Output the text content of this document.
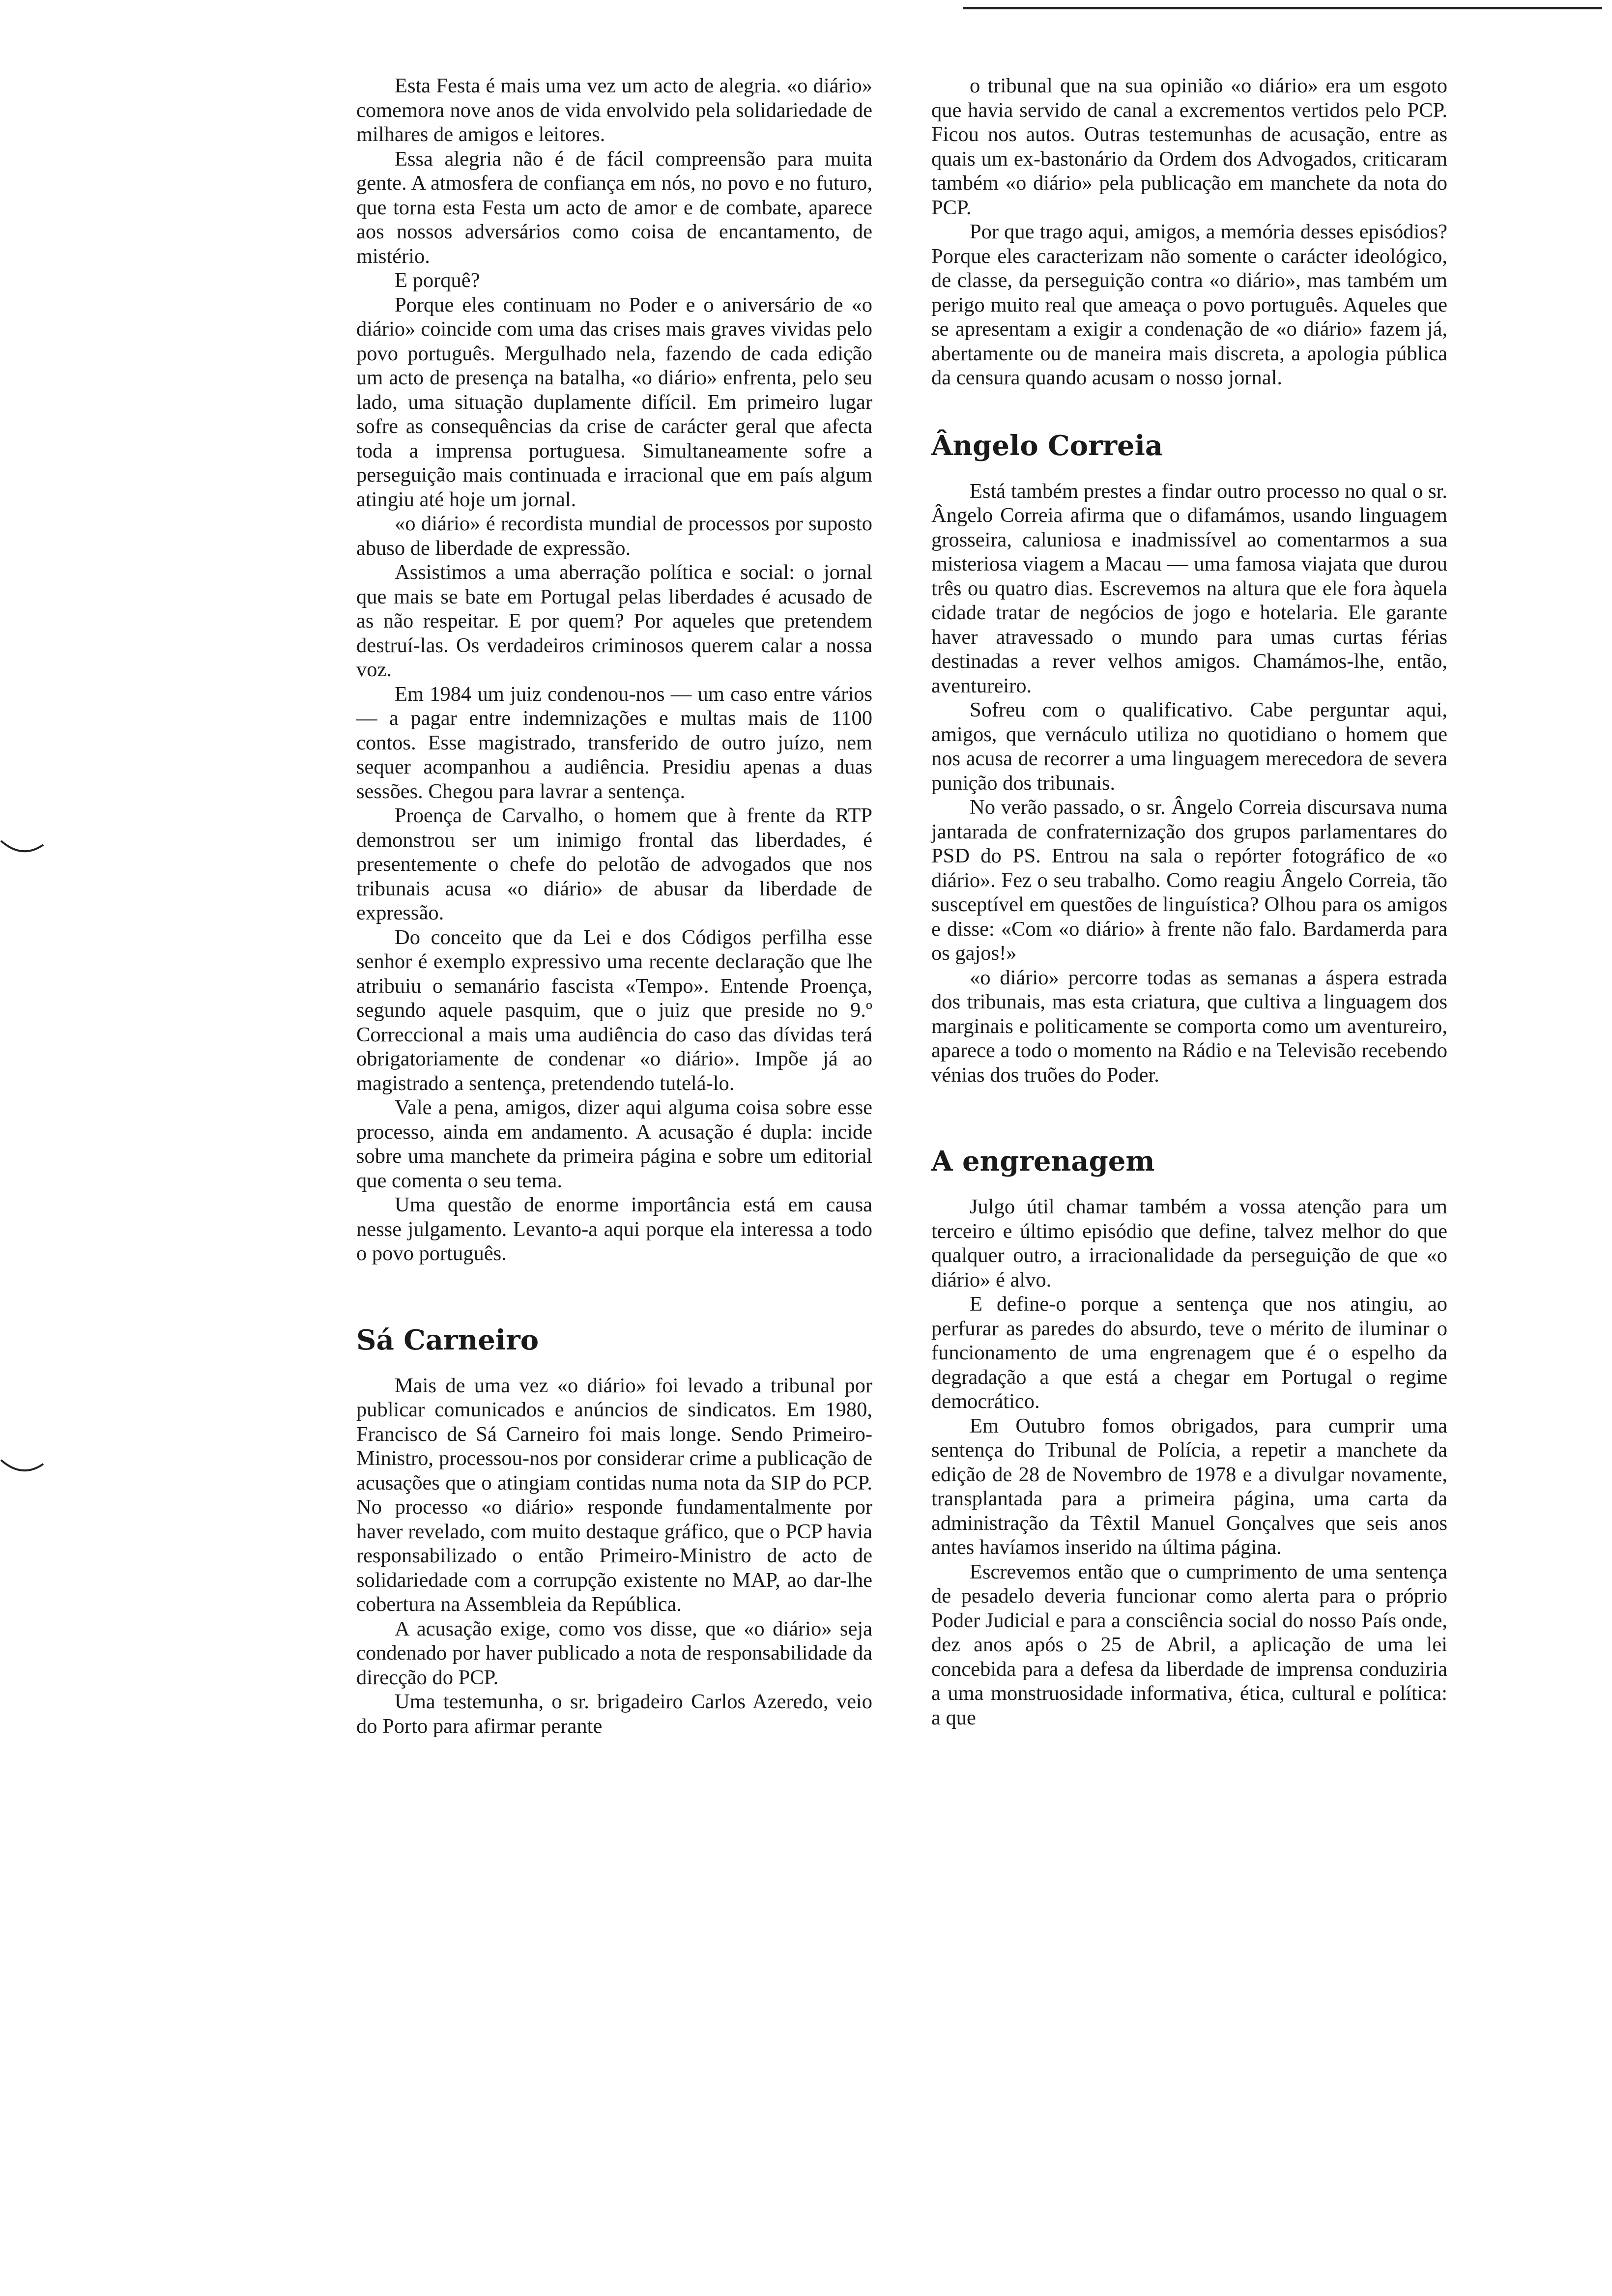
Esta Festa é mais uma vez um acto de alegria. «o diário» comemora nove anos de vida envolvido pela solidariedade de milhares de amigos e leitores.

Essa alegria não é de fácil compreensão para muita gente. A atmosfera de confiança em nós, no povo e no futuro, que torna esta Festa um acto de amor e de combate, aparece aos nossos adversários como coisa de encantamento, de mistério.

E porquê?

Porque eles continuam no Poder e o aniversário de «o diário» coincide com uma das crises mais graves vividas pelo povo português. Mergulhado nela, fazendo de cada edição um acto de presença na batalha, «o diário» enfrenta, pelo seu lado, uma situação duplamente difícil. Em primeiro lugar sofre as consequências da crise de carácter geral que afecta toda a imprensa portuguesa. Simultaneamente sofre a perseguição mais continuada e irracional que em país algum atingiu até hoje um jornal.

«o diário» é recordista mundial de processos por suposto abuso de liberdade de expressão.

Assistimos a uma aberração política e social: o jornal que mais se bate em Portugal pelas liberdades é acusado de as não respeitar. E por quem? Por aqueles que pretendem destruí-las. Os verdadeiros criminosos querem calar a nossa voz.

Em 1984 um juiz condenou-nos — um caso entre vários — a pagar entre indemnizações e multas mais de 1100 contos. Esse magistrado, transferido de outro juízo, nem sequer acompanhou a audiência. Presidiu apenas a duas sessões. Chegou para lavrar a sentença.

Proença de Carvalho, o homem que à frente da RTP demonstrou ser um inimigo frontal das liberdades, é presentemente o chefe do pelotão de advogados que nos tribunais acusa «o diário» de abusar da liberdade de expressão.

Do conceito que da Lei e dos Códigos perfilha esse senhor é exemplo expressivo uma recente declaração que lhe atribuiu o semanário fascista «Tempo». Entende Proença, segundo aquele pasquim, que o juiz que preside no 9.º Correccional a mais uma audiência do caso das dívidas terá obrigatoriamente de condenar «o diário». Impõe já ao magistrado a sentença, pretendendo tutelá-lo.

Vale a pena, amigos, dizer aqui alguma coisa sobre esse processo, ainda em andamento. A acusação é dupla: incide sobre uma manchete da primeira página e sobre um editorial que comenta o seu tema.

Uma questão de enorme importância está em causa nesse julgamento. Levanto-a aqui porque ela interessa a todo o povo português.

Sá Carneiro

Mais de uma vez «o diário» foi levado a tribunal por publicar comunicados e anúncios de sindicatos. Em 1980, Francisco de Sá Carneiro foi mais longe. Sendo Primeiro-Ministro, processou-nos por considerar crime a publicação de acusações que o atingiam contidas numa nota da SIP do PCP. No processo «o diário» responde fundamentalmente por haver revelado, com muito destaque gráfico, que o PCP havia responsabilizado o então Primeiro-Ministro de acto de solidariedade com a corrupção existente no MAP, ao dar-lhe cobertura na Assembleia da República.

A acusação exige, como vos disse, que «o diário» seja condenado por haver publicado a nota de responsabilidade da direcção do PCP.

Uma testemunha, o sr. brigadeiro Carlos Azeredo, veio do Porto para afirmar perante

o tribunal que na sua opinião «o diário» era um esgoto que havia servido de canal a excrementos vertidos pelo PCP. Ficou nos autos. Outras testemunhas de acusação, entre as quais um ex-bastonário da Ordem dos Advogados, criticaram também «o diário» pela publicação em manchete da nota do PCP.

Por que trago aqui, amigos, a memória desses episódios? Porque eles caracterizam não somente o carácter ideológico, de classe, da perseguição contra «o diário», mas também um perigo muito real que ameaça o povo português. Aqueles que se apresentam a exigir a condenação de «o diário» fazem já, abertamente ou de maneira mais discreta, a apologia pública da censura quando acusam o nosso jornal.

Ângelo Correia

Está também prestes a findar outro processo no qual o sr. Ângelo Correia afirma que o difamámos, usando linguagem grosseira, caluniosa e inadmissível ao comentarmos a sua misteriosa viagem a Macau — uma famosa viajata que durou três ou quatro dias. Escrevemos na altura que ele fora àquela cidade tratar de negócios de jogo e hotelaria. Ele garante haver atravessado o mundo para umas curtas férias destinadas a rever velhos amigos. Chamámos-lhe, então, aventureiro.

Sofreu com o qualificativo. Cabe perguntar aqui, amigos, que vernáculo utiliza no quotidiano o homem que nos acusa de recorrer a uma linguagem merecedora de severa punição dos tribunais.

No verão passado, o sr. Ângelo Correia discursava numa jantarada de confraternização dos grupos parlamentares do PSD do PS. Entrou na sala o repórter fotográfico de «o diário». Fez o seu trabalho. Como reagiu Ângelo Correia, tão susceptível em questões de linguística? Olhou para os amigos e disse: «Com «o diário» à frente não falo. Bardamerda para os gajos!»

«o diário» percorre todas as semanas a áspera estrada dos tribunais, mas esta criatura, que cultiva a linguagem dos marginais e politicamente se comporta como um aventureiro, aparece a todo o momento na Rádio e na Televisão recebendo vénias dos truões do Poder.

A engrenagem

Julgo útil chamar também a vossa atenção para um terceiro e último episódio que define, talvez melhor do que qualquer outro, a irracionalidade da perseguição de que «o diário» é alvo.

E define-o porque a sentença que nos atingiu, ao perfurar as paredes do absurdo, teve o mérito de iluminar o funcionamento de uma engrenagem que é o espelho da degradação a que está a chegar em Portugal o regime democrático.

Em Outubro fomos obrigados, para cumprir uma sentença do Tribunal de Polícia, a repetir a manchete da edição de 28 de Novembro de 1978 e a divulgar novamente, transplantada para a primeira página, uma carta da administração da Têxtil Manuel Gonçalves que seis anos antes havíamos inserido na última página.

Escrevemos então que o cumprimento de uma sentença de pesadelo deveria funcionar como alerta para o próprio Poder Judicial e para a consciência social do nosso País onde, dez anos após o 25 de Abril, a aplicação de uma lei concebida para a defesa da liberdade de imprensa conduziria a uma monstruosidade informativa, ética, cultural e política: a que
